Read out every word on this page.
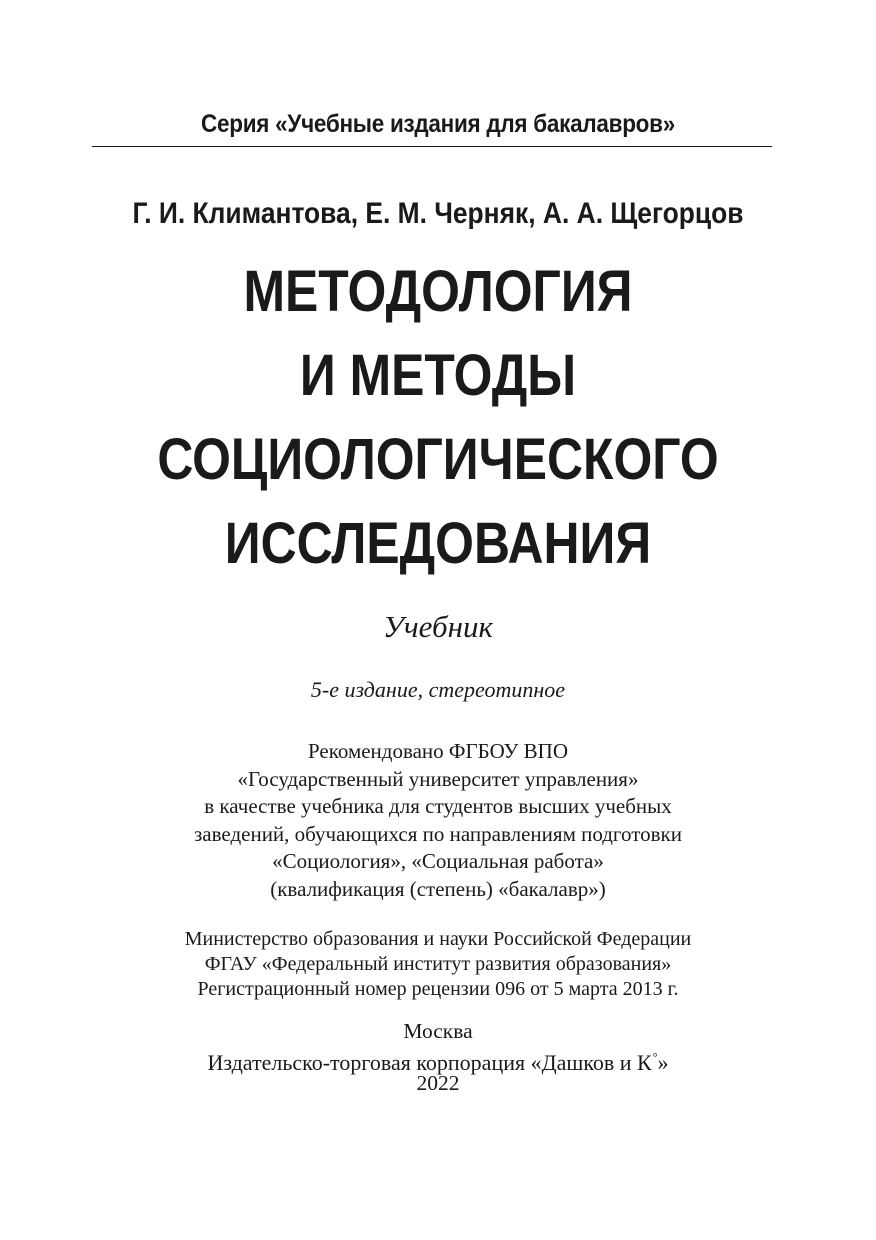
Серия «Учебные издания для бакалавров»
Г. И. Климантова, Е. М. Черняк, А. А. Щегорцов
МЕТОДОЛОГИЯ
И МЕТОДЫ
СОЦИОЛОГИЧЕСКОГО
ИССЛЕДОВАНИЯ
Учебник
5-е издание, стереотипное
Рекомендовано ФГБОУ ВПО
«Государственный университет управления»
в качестве учебника для студентов высших учебных
заведений, обучающихся по направлениям подготовки
«Социология», «Социальная работа»
(квалификация (степень) «бакалавр»)
Министерство образования и науки Российской Федерации
ФГАУ «Федеральный институт развития образования»
Регистрационный номер рецензии 096 от 5 марта 2013 г.
Москва
Издательско-торговая корпорация «Дашков и К°»
2022
